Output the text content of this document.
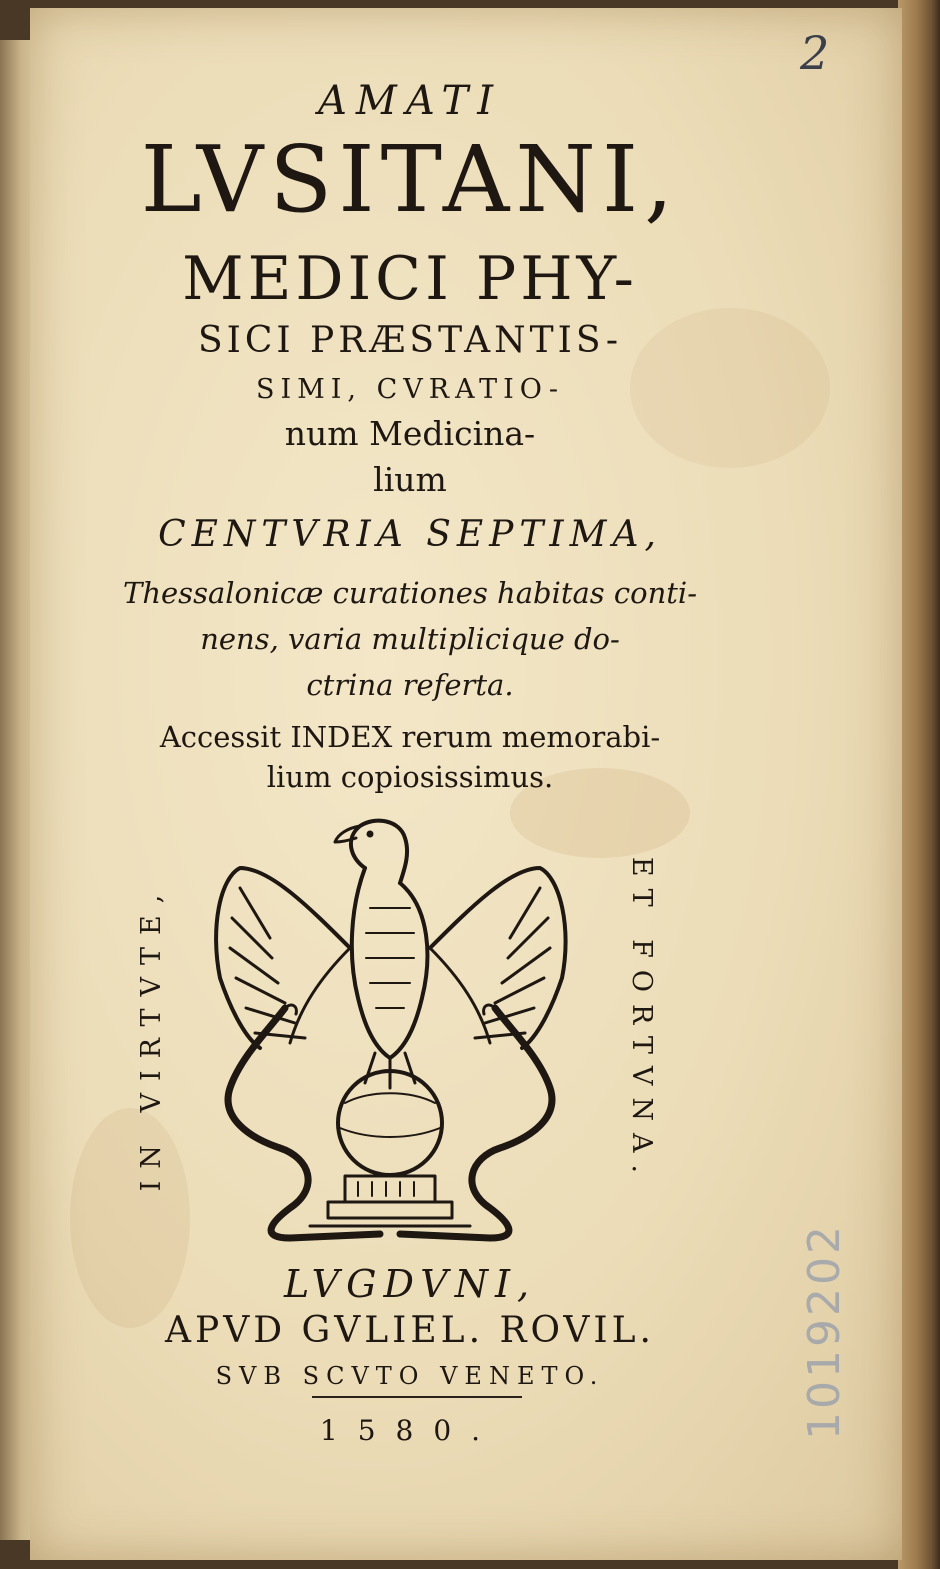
2
AMATI
LVSITANI,
MEDICI PHY-
SICI PRÆSTANTIS-
SIMI, CVRATIO-
num Medicina-
lium
CENTVRIA SEPTIMA,
Thessalonicæ curationes habitas conti-
nens, varia multiplicique do-
ctrina referta.
Accessit INDEX rerum memorabi-
lium copiosissimus.
IN VIRTVTE,	ET FORTVNA.
LVGDVNI,
APVD GVLIEL. ROVIL.
SVB SCVTO VENETO.
1580.	1019202
